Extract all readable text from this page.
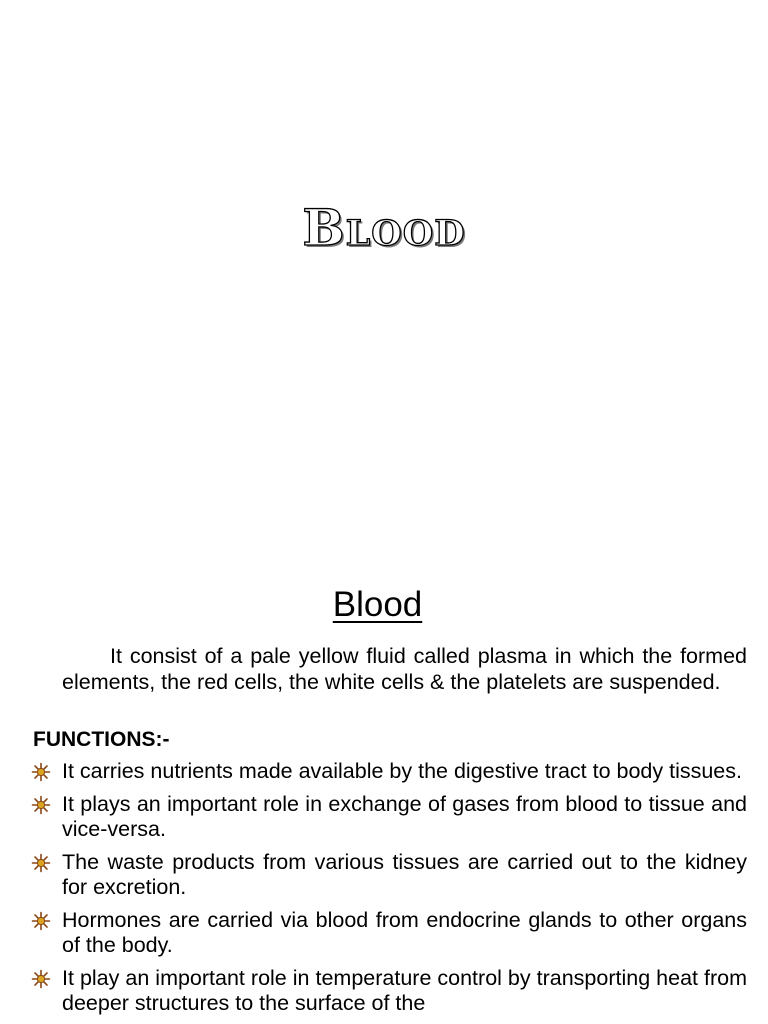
Blood
Blood

It consist of a pale yellow fluid called plasma in which the formed elements, the red cells, the white cells & the platelets are suspended.

FUNCTIONS:-
It carries nutrients made available by the digestive tract to body tissues.
It plays an important role in exchange of gases from blood to tissue and vice-versa.
The waste products from various tissues are carried out to the kidney for excretion.
Hormones are carried via blood from endocrine glands to other organs of the body.
It play an important role in temperature control by transporting heat from deeper structures to the surface of the
